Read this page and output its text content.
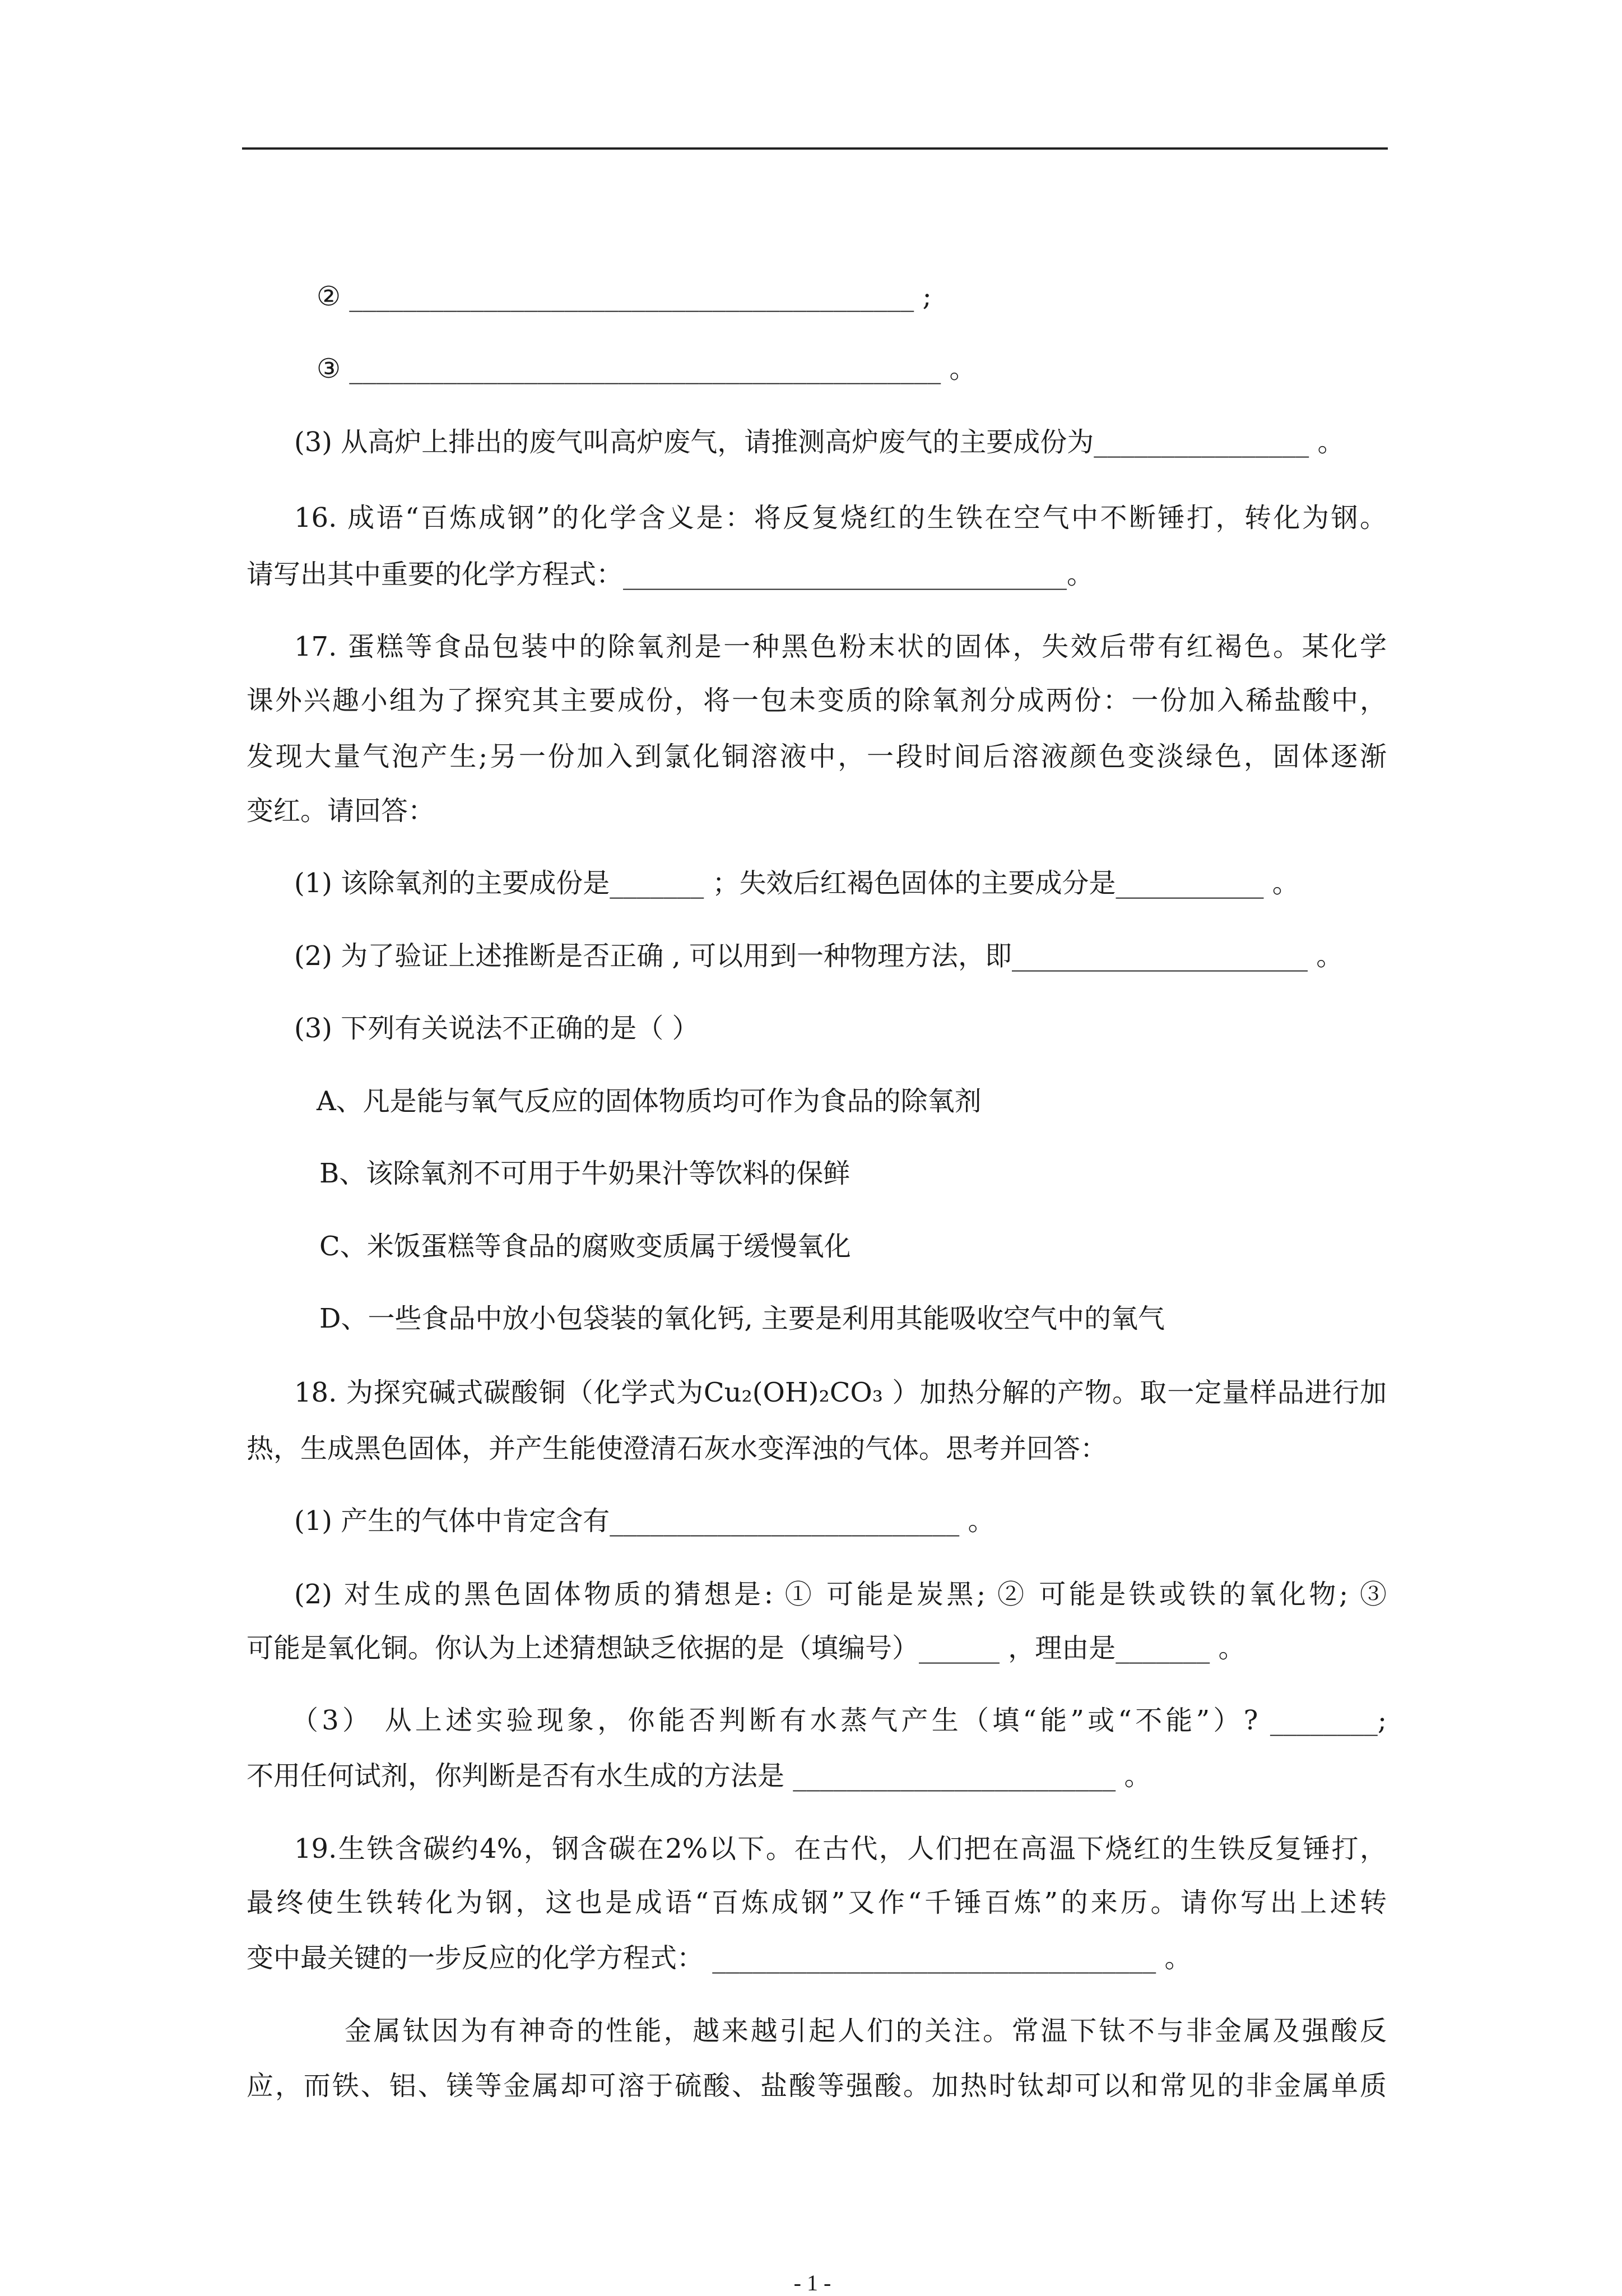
② __________________________________________ ;
③ ____________________________________________ 。
(3) 从高炉上排出的废气叫高炉废气，请推测高炉废气的主要成份为________________ 。
16. 成语“百炼成钢”的化学含义是：将反复烧红的生铁在空气中不断锤打，转化为钢。
请写出其中重要的化学方程式：_________________________________。
17. 蛋糕等食品包装中的除氧剂是一种黑色粉末状的固体，失效后带有红褐色。某化学
课外兴趣小组为了探究其主要成份，将一包未变质的除氧剂分成两份：一份加入稀盐酸中，
发现大量气泡产生;另一份加入到氯化铜溶液中，一段时间后溶液颜色变淡绿色，固体逐渐
变红。请回答：
(1) 该除氧剂的主要成份是_______ ；失效后红褐色固体的主要成分是___________ 。
(2) 为了验证上述推断是否正确 , 可以用到一种物理方法，即______________________ 。
(3) 下列有关说法不正确的是（ ）
A、凡是能与氧气反应的固体物质均可作为食品的除氧剂
B、该除氧剂不可用于牛奶果汁等饮料的保鲜
C、米饭蛋糕等食品的腐败变质属于缓慢氧化
D、一些食品中放小包袋装的氧化钙, 主要是利用其能吸收空气中的氧气
18. 为探究碱式碳酸铜（化学式为Cu₂(OH)₂CO₃ ）加热分解的产物。取一定量样品进行加
热，生成黑色固体，并产生能使澄清石灰水变浑浊的气体。思考并回答：
(1) 产生的气体中肯定含有__________________________ 。
(2) 对生成的黑色固体物质的猜想是: ① 可能是炭黑; ② 可能是铁或铁的氧化物; ③
可能是氧化铜。你认为上述猜想缺乏依据的是（填编号）______ ，理由是_______ 。
（3） 从上述实验现象，你能否判断有水蒸气产生（填“能”或“不能”）? ________;
不用任何试剂，你判断是否有水生成的方法是 ________________________ 。
19.生铁含碳约4%，钢含碳在2%以下。在古代，人们把在高温下烧红的生铁反复锤打，
最终使生铁转化为钢，这也是成语“百炼成钢”又作“千锤百炼”的来历。请你写出上述转
变中最关键的一步反应的化学方程式： _________________________________ 。
金属钛因为有神奇的性能，越来越引起人们的关注。常温下钛不与非金属及强酸反
应，而铁、铝、镁等金属却可溶于硫酸、盐酸等强酸。加热时钛却可以和常见的非金属单质
- 1 -
